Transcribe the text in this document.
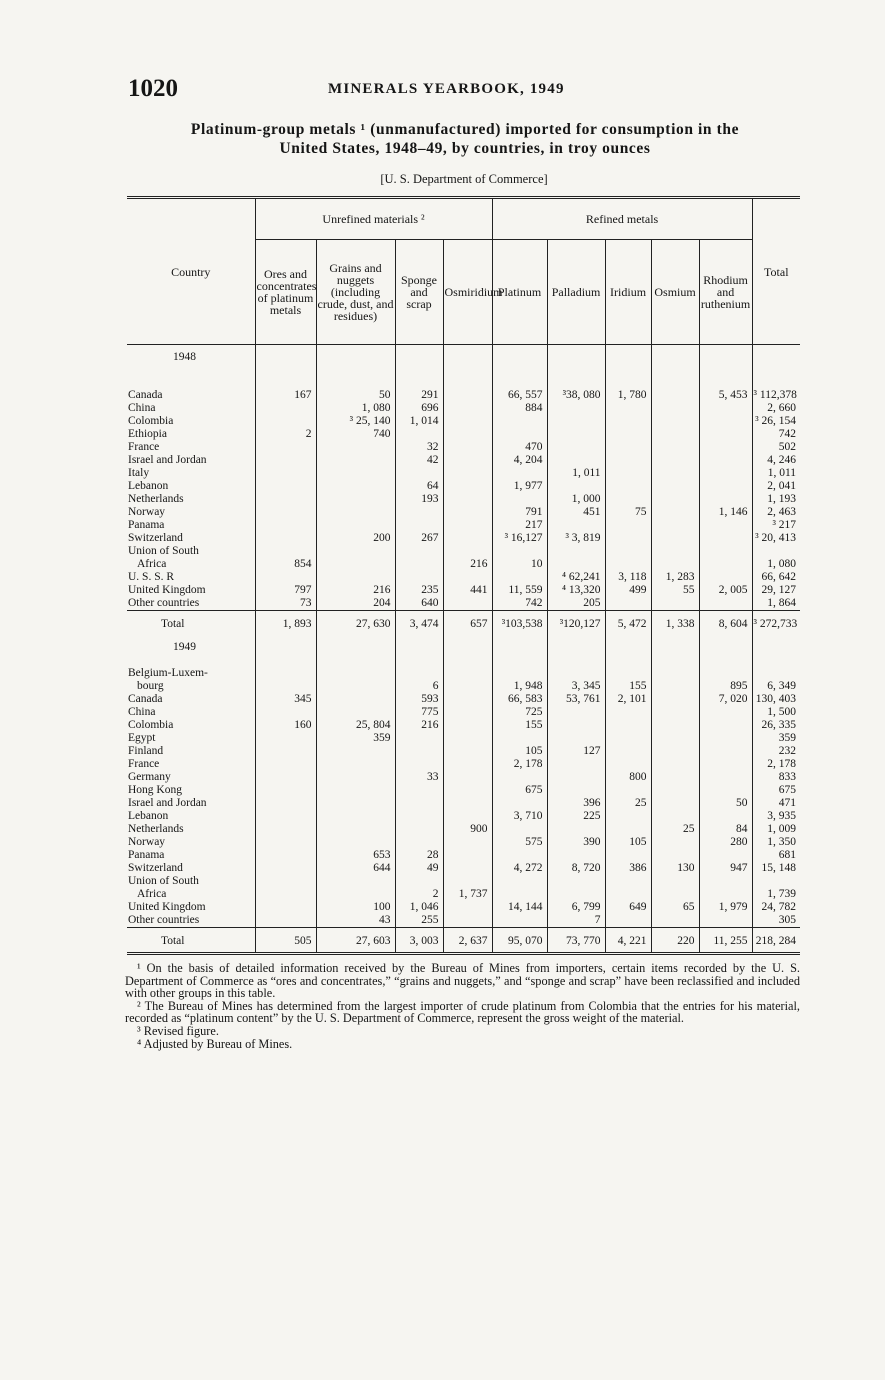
1020	MINERALS YEARBOOK, 1949
Platinum-group metals ¹ (unmanufactured) imported for consumption in the
United States, 1948–49, by countries, in troy ounces
[U. S. Department of Commerce]
Country	Unrefined materials ²				Refined metals					Total
	Ores and concentrates of platinum metals	Grains and nuggets (including crude, dust, and residues)	Sponge and scrap	Osmiridium	Platinum	Palladium	Iridium	Osmium	Rhodium and ruthenium	
1948										

Canada	167	50	291		66, 557	³38, 080	1, 780		5, 453	³ 112,378
China		1, 080	696		884					2, 660
Colombia		³ 25, 140	1, 014							³ 26, 154
Ethiopia	2	740								742
France			32		470					502
Israel and Jordan			42		4, 204					4, 246
Italy						1, 011				1, 011
Lebanon			64		1, 977					2, 041
Netherlands			193			1, 000				1, 193
Norway					791	451	75		1, 146	2, 463
Panama					217					³ 217
Switzerland		200	267		³ 16,127	³ 3, 819				³ 20, 413
Union of South										
Africa	854			216	10					1, 080
U. S. S. R						⁴ 62,241	3, 118	1, 283		66, 642
United Kingdom	797	216	235	441	11, 559	⁴ 13,320	499	55	2, 005	29, 127
Other countries	73	204	640		742	205				1, 864
Total	1, 893	27, 630	3, 474	657	³103,538	³120,127	5, 472	1, 338	8, 604	³ 272,733
1949										
Belgium-Luxem-										
bourg			6		1, 948	3, 345	155		895	6, 349
Canada	345		593		66, 583	53, 761	2, 101		7, 020	130, 403
China			775		725					1, 500
Colombia	160	25, 804	216		155					26, 335
Egypt		359								359
Finland					105	127				232
France					2, 178					2, 178
Germany			33				800			833
Hong Kong					675					675
Israel and Jordan						396	25		50	471
Lebanon					3, 710	225				3, 935
Netherlands				900				25	84	1, 009
Norway					575	390	105		280	1, 350
Panama		653	28							681
Switzerland		644	49		4, 272	8, 720	386	130	947	15, 148
Union of South										
Africa			2	1, 737						1, 739
United Kingdom		100	1, 046		14, 144	6, 799	649	65	1, 979	24, 782
Other countries		43	255			7				305
Total	505	27, 603	3, 003	2, 637	95, 070	73, 770	4, 221	220	11, 255	218, 284

¹ On the basis of detailed information received by the Bureau of Mines from importers, certain items recorded by the U. S. Department of Commerce as “ores and concentrates,” “grains and nuggets,” and “sponge and scrap” have been reclassified and included with other groups in this table.

² The Bureau of Mines has determined from the largest importer of crude platinum from Colombia that the entries for his material, recorded as “platinum content” by the U. S. Department of Commerce, represent the gross weight of the material.

³ Revised figure.

⁴ Adjusted by Bureau of Mines.
